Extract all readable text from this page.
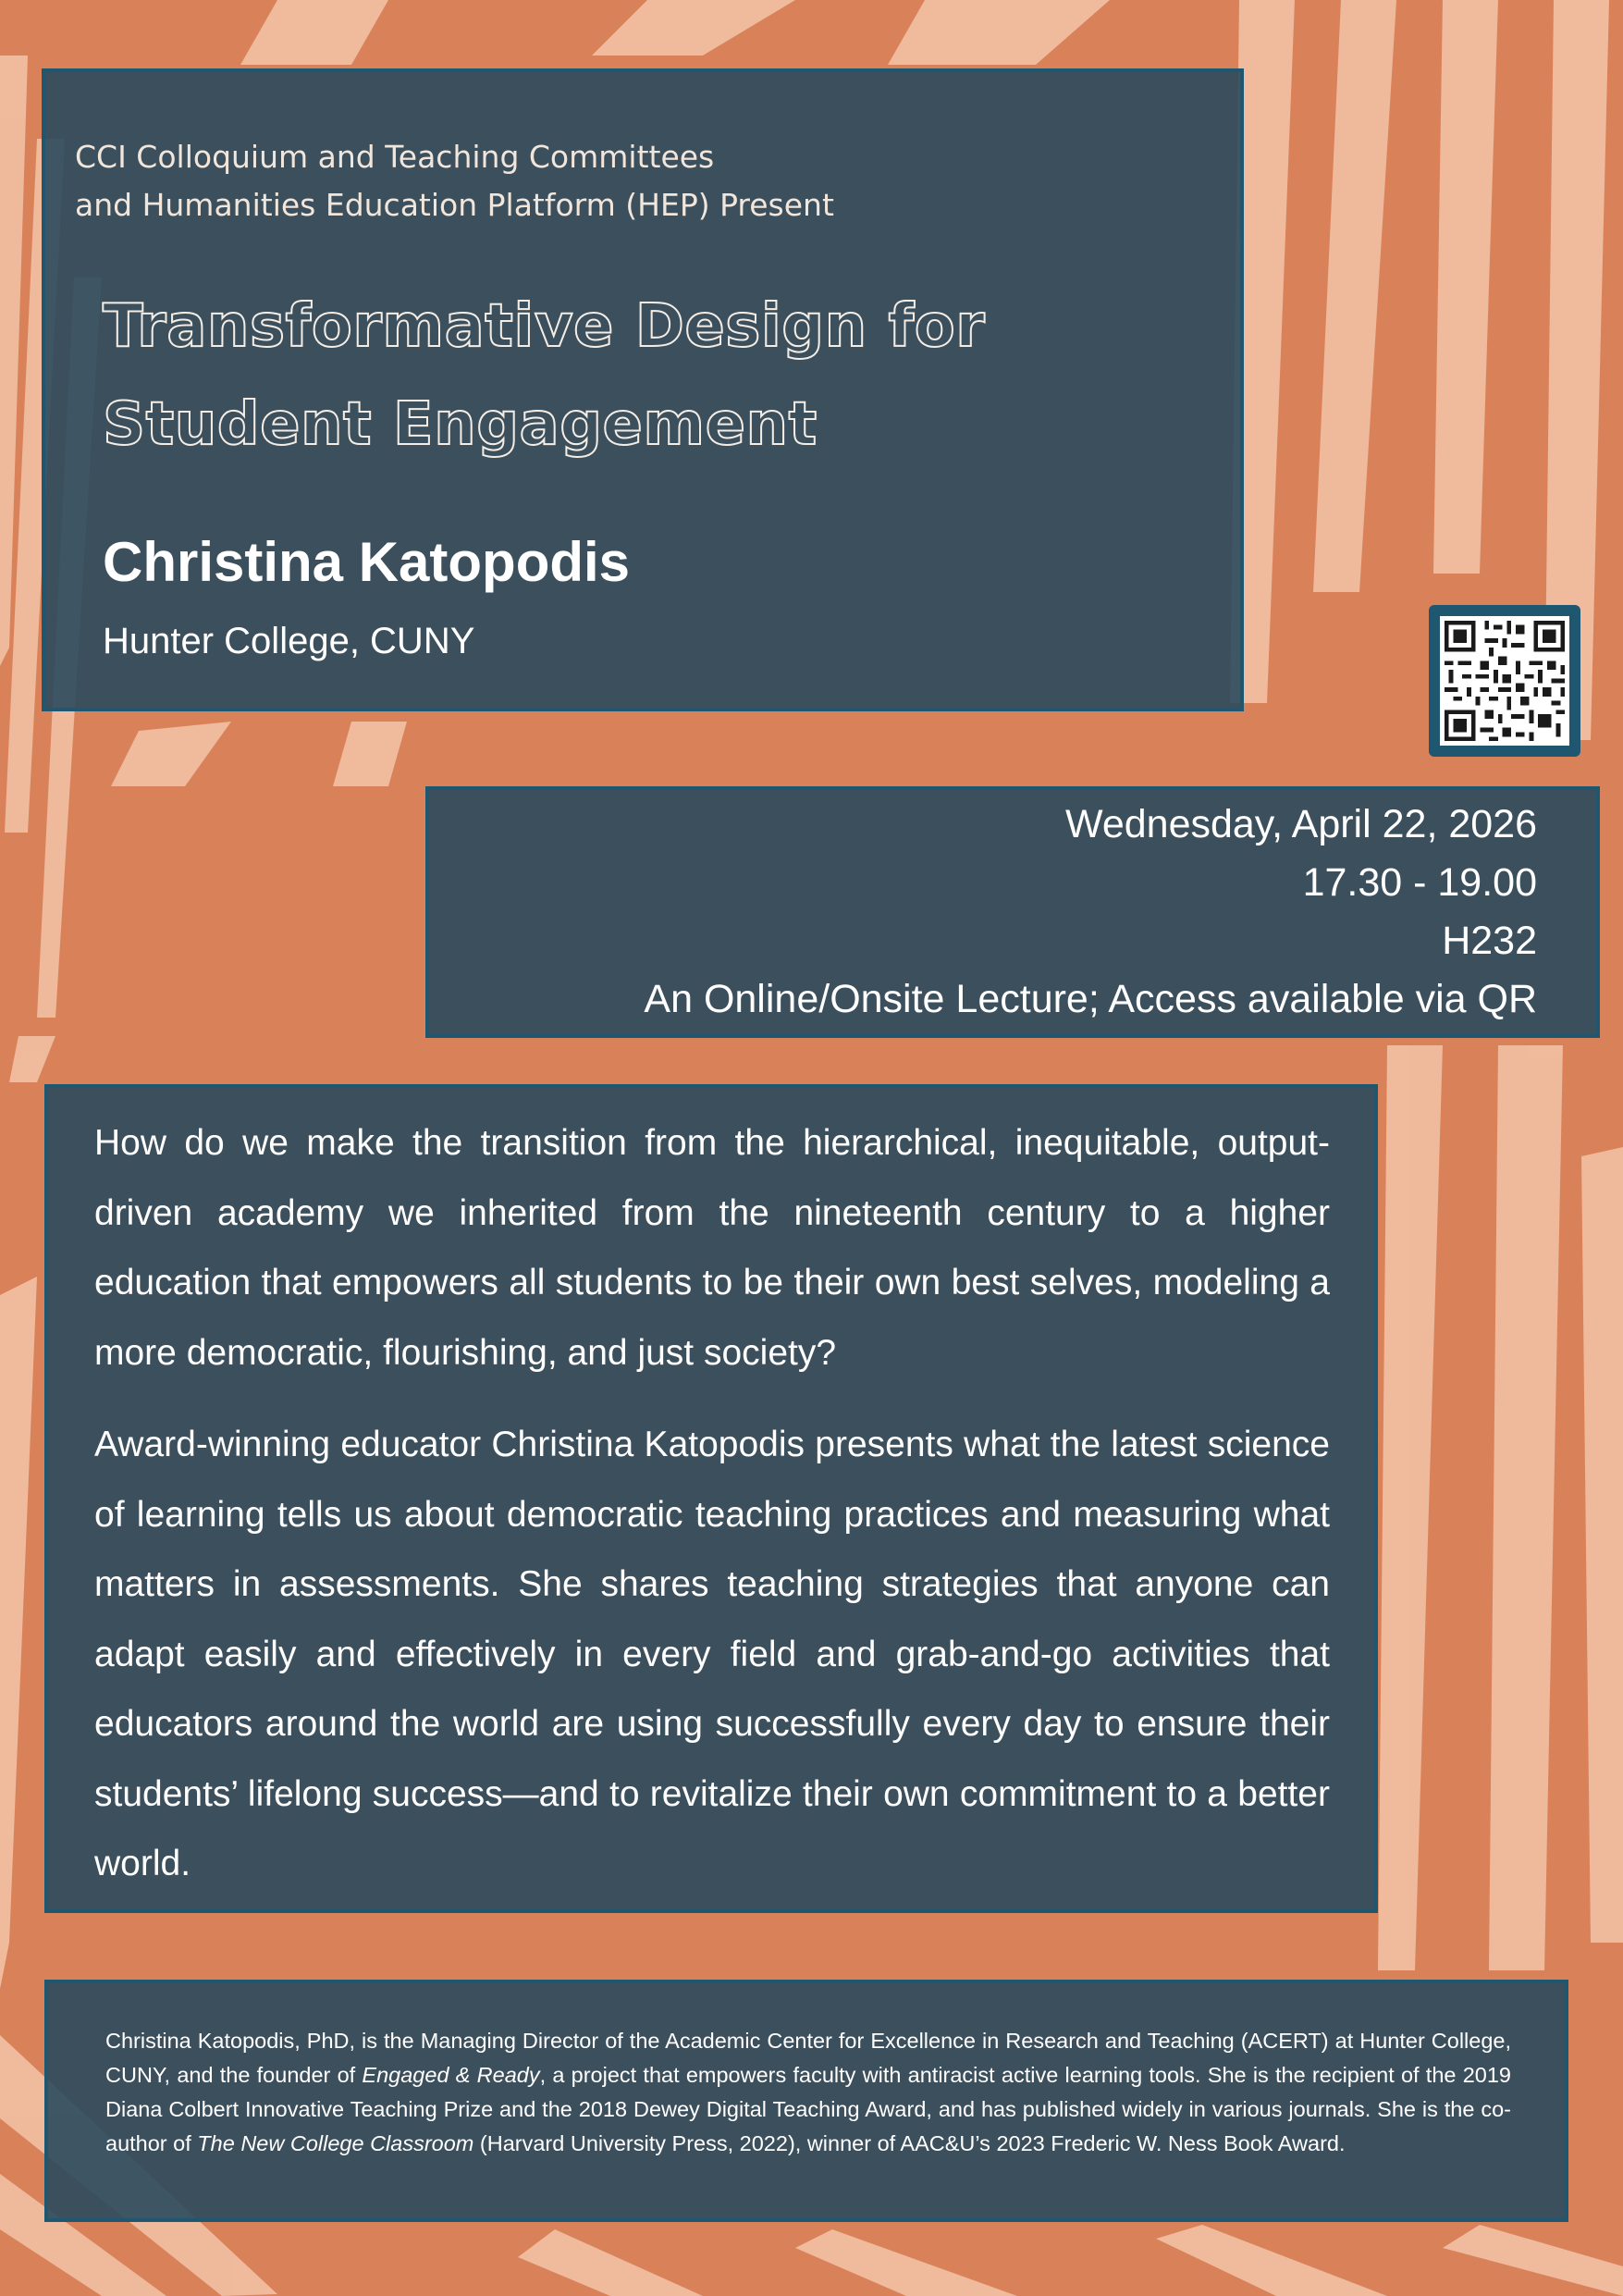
CCI Colloquium and Teaching Committees
and Humanities Education Platform (HEP) Present

Transformative Design for
Student Engagement
Christina Katopodis

Hunter College, CUNY

Wednesday, April 22, 2026
17.30 - 19.00
H232
An Online/Onsite Lecture; Access available via QR

How do we make the transition from the hierarchical, inequitable, output-driven academy we inherited from the nineteenth century to a higher education that empowers all students to be their own best selves, modeling a more democratic, flourishing, and just society?

Award-winning educator Christina Katopodis presents what the latest science of learning tells us about democratic teaching practices and measuring what matters in assessments. She shares teaching strategies that anyone can adapt easily and effectively in every field and grab-and-go activities that educators around the world are using successfully every day to ensure their students’ lifelong success—and to revitalize their own commitment to a better world.

Christina Katopodis, PhD, is the Managing Director of the Academic Center for Excellence in Research and Teaching (ACERT) at Hunter College, CUNY, and the founder of Engaged & Ready, a project that empowers faculty with antiracist active learning tools. She is the recipient of the 2019 Diana Colbert Innovative Teaching Prize and the 2018 Dewey Digital Teaching Award, and has published widely in various journals. She is the co-author of The New College Classroom (Harvard University Press, 2022), winner of AAC&U’s 2023 Frederic W. Ness Book Award.
